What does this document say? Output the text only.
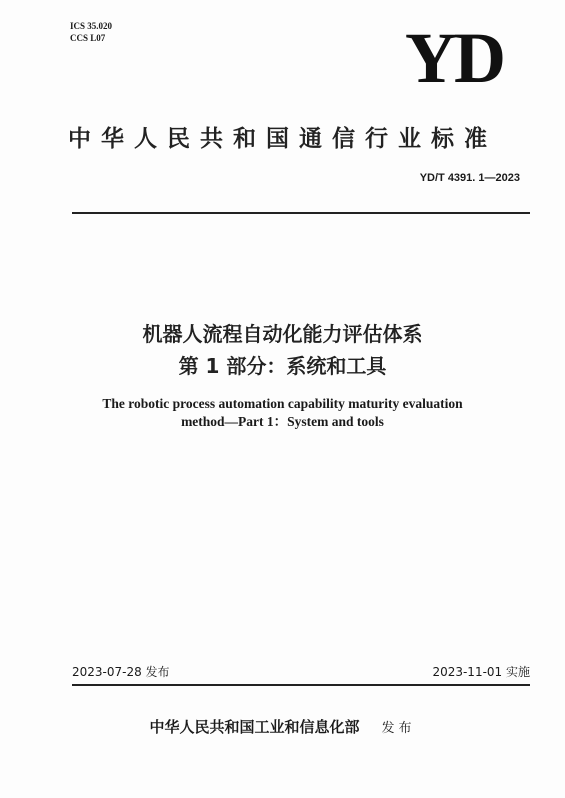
ICS 35.020
CCS L07	YD
中华人民共和国通信行业标准
YD/T 4391. 1—2023
机器人流程自动化能力评估体系
第 1 部分：系统和工具
The robotic process automation capability maturity evaluation
method—Part 1：System and tools
2023-07-28 发布	2023-11-01 实施
中华人民共和国工业和信息化部 发布
